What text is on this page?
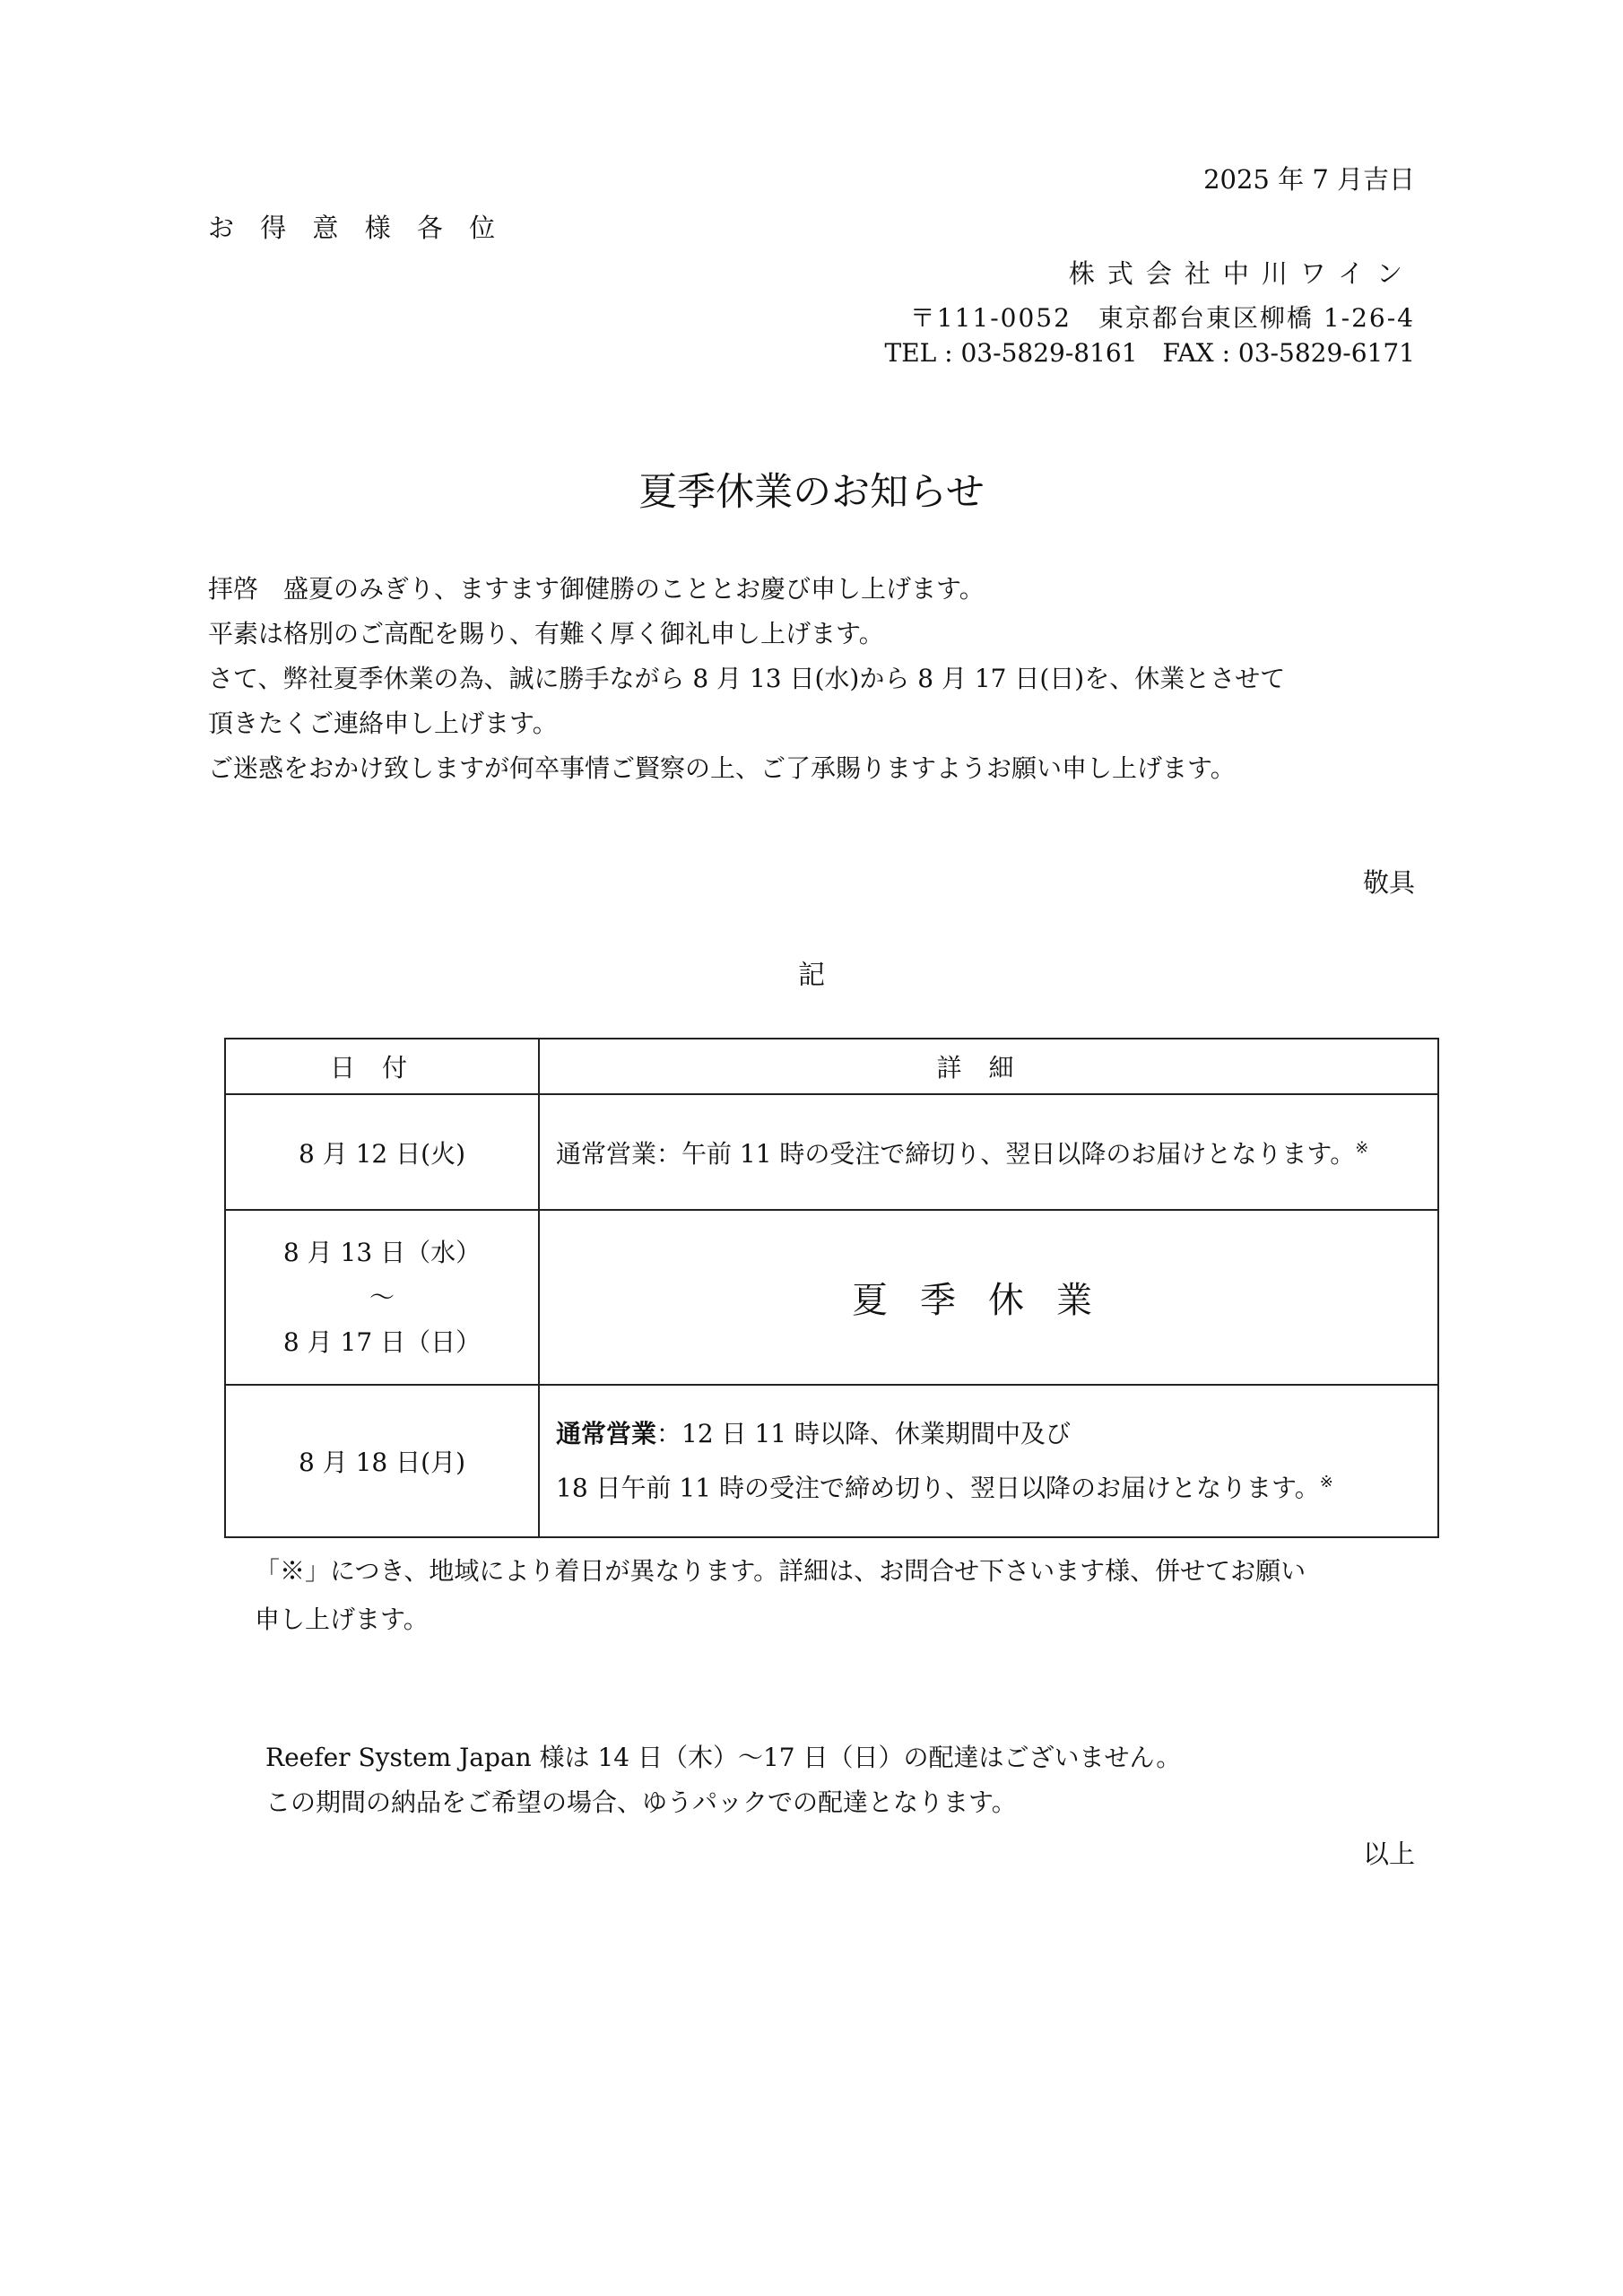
2025 年 7 月吉日
お 得 意 様 各 位
株式会社中川ワイン
〒111-0052　東京都台東区柳橋 1-26-4
TEL : 03-5829-8161　FAX : 03-5829-6171
夏季休業のお知らせ

拝啓　盛夏のみぎり、ますます御健勝のこととお慶び申し上げます。

平素は格別のご高配を賜り、有難く厚く御礼申し上げます。

さて、弊社夏季休業の為、誠に勝手ながら 8 月 13 日(水)から 8 月 17 日(日)を、休業とさせて

頂きたくご連絡申し上げます。

ご迷惑をおかけ致しますが何卒事情ご賢察の上、ご了承賜りますようお願い申し上げます。

敬具
記
日付	詳細
8 月 12 日(火)	通常営業：午前 11 時の受注で締切り、翌日以降のお届けとなります。※

8 月 13 日（水）
～
8 月 17 日（日）	夏季休業
8 月 18 日(月)	通常営業：12 日 11 時以降、休業期間中及び
18 日午前 11 時の受注で締め切り、翌日以降のお届けとなります。※

「※」につき、地域により着日が異なります。詳細は、お問合せ下さいます様、併せてお願い

申し上げます。

Reefer System Japan 様は 14 日（木）～17 日（日）の配達はございません。

この期間の納品をご希望の場合、ゆうパックでの配達となります。

以上
